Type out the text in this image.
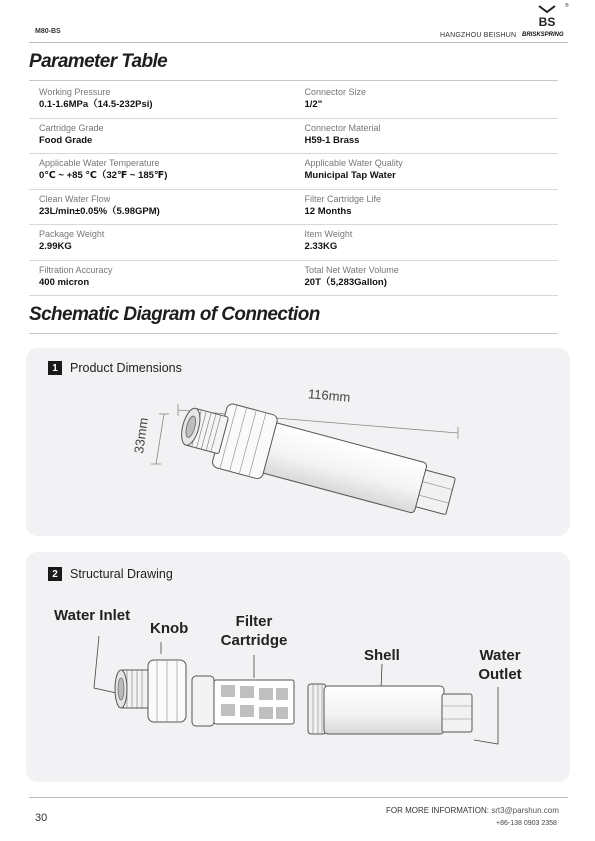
M80-BS
HANGZHOU BEISHUN BRISKSPRING
BS
®
Parameter Table
Working Pressure
0.1-1.6MPa（14.5-232Psi)
Connector Size
1/2"
Cartridge Grade
Food Grade
Connector Material
H59-1 Brass
Applicable Water Temperature
0℃ ~ +85 ℃（32℉ ~ 185℉)
Applicable Water Quality
Municipal Tap Water
Clean Water Flow
23L/min±0.05%（5.98GPM)
Filter Cartridge Life
12 Months
Package Weight
2.99KG
Item Weight
2.33KG
Filtration Accuracy
400 micron
Total Net Water Volume
20T（5,283Gallon)
Schematic Diagram of Connection
1 Product Dimensions
116mm
33mm
2 Structural Drawing
Water Inlet
Knob	Filter
Cartridge
Shell	Water
Outlet
30
FOR MORE INFORMATION: srt3@parshun.com
+86-138 0903 2358
